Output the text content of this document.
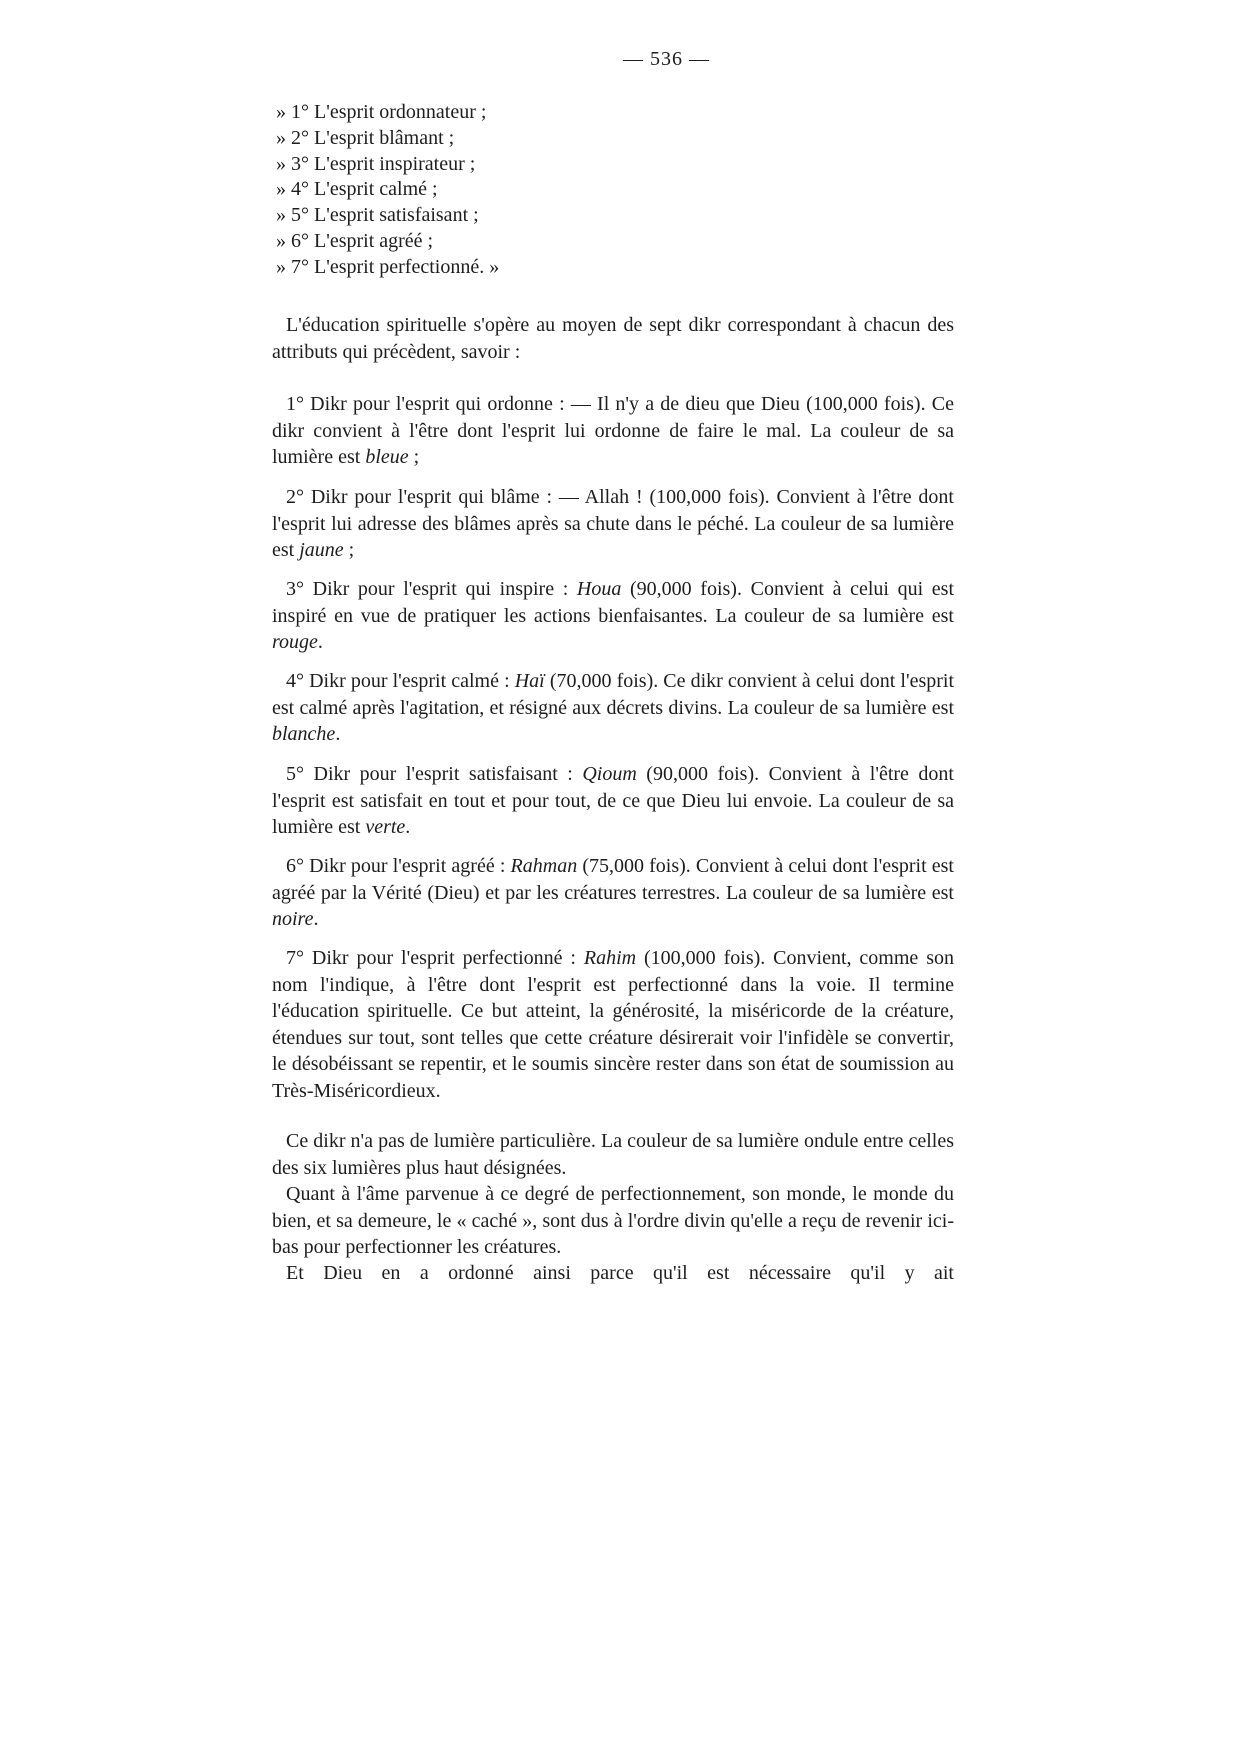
— 536 —
» 1° L'esprit ordonnateur ;
» 2° L'esprit blâmant ;
» 3° L'esprit inspirateur ;
» 4° L'esprit calmé ;
» 5° L'esprit satisfaisant ;
» 6° L'esprit agréé ;
» 7° L'esprit perfectionné. »

L'éducation spirituelle s'opère au moyen de sept dikr correspondant à chacun des attributs qui précèdent, savoir :

1° Dikr pour l'esprit qui ordonne : — Il n'y a de dieu que Dieu (100,000 fois). Ce dikr convient à l'être dont l'esprit lui ordonne de faire le mal. La couleur de sa lumière est bleue ;

2° Dikr pour l'esprit qui blâme : — Allah ! (100,000 fois). Convient à l'être dont l'esprit lui adresse des blâmes après sa chute dans le péché. La couleur de sa lumière est jaune ;

3° Dikr pour l'esprit qui inspire : Houa (90,000 fois). Convient à celui qui est inspiré en vue de pratiquer les actions bienfaisantes. La couleur de sa lumière est rouge.

4° Dikr pour l'esprit calmé : Haï (70,000 fois). Ce dikr convient à celui dont l'esprit est calmé après l'agitation, et résigné aux décrets divins. La couleur de sa lumière est blanche.

5° Dikr pour l'esprit satisfaisant : Qioum (90,000 fois). Convient à l'être dont l'esprit est satisfait en tout et pour tout, de ce que Dieu lui envoie. La couleur de sa lumière est verte.

6° Dikr pour l'esprit agréé : Rahman (75,000 fois). Convient à celui dont l'esprit est agréé par la Vérité (Dieu) et par les créatures terrestres. La couleur de sa lumière est noire.

7° Dikr pour l'esprit perfectionné : Rahim (100,000 fois). Convient, comme son nom l'indique, à l'être dont l'esprit est perfectionné dans la voie. Il termine l'éducation spirituelle. Ce but atteint, la générosité, la miséricorde de la créature, étendues sur tout, sont telles que cette créature désirerait voir l'infidèle se convertir, le désobéissant se repentir, et le soumis sincère rester dans son état de soumission au Très-Miséricordieux.

Ce dikr n'a pas de lumière particulière. La couleur de sa lumière ondule entre celles des six lumières plus haut désignées.

Quant à l'âme parvenue à ce degré de perfectionnement, son monde, le monde du bien, et sa demeure, le « caché », sont dus à l'ordre divin qu'elle a reçu de revenir ici-bas pour perfectionner les créatures.

Et Dieu en a ordonné ainsi parce qu'il est nécessaire qu'il y ait
